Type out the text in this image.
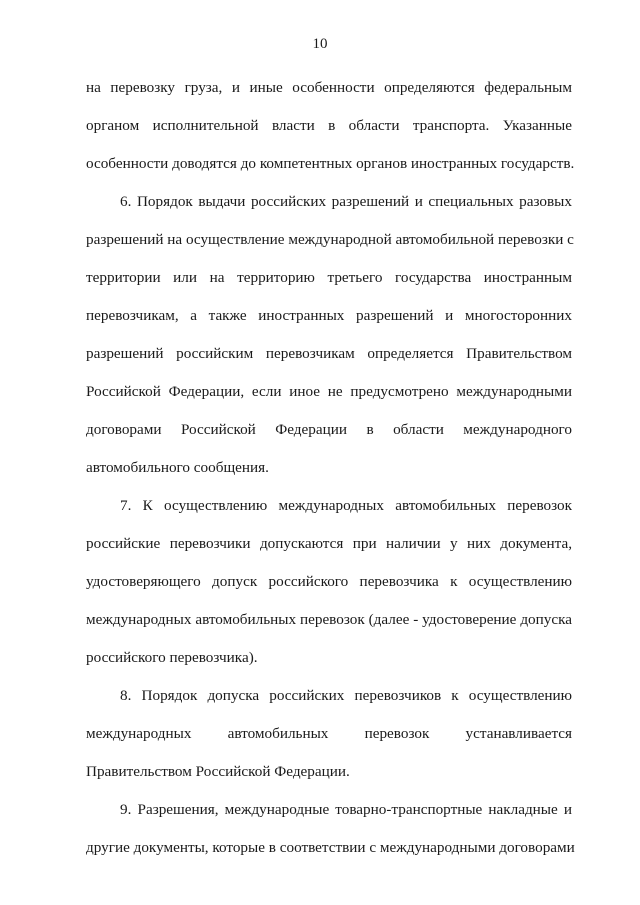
10
на перевозку груза, и иные особенности определяются федеральным
органом исполнительной власти в области транспорта. Указанные
особенности доводятся до компетентных органов иностранных государств.
6. Порядок выдачи российских разрешений и специальных разовых
разрешений на осуществление международной автомобильной перевозки с
территории или на территорию третьего государства иностранным
перевозчикам, а также иностранных разрешений и многосторонних
разрешений российским перевозчикам определяется Правительством
Российской Федерации, если иное не предусмотрено международными
договорами Российской Федерации в области международного
автомобильного сообщения.
7. К осуществлению международных автомобильных перевозок
российские перевозчики допускаются при наличии у них документа,
удостоверяющего допуск российского перевозчика к осуществлению
международных автомобильных перевозок (далее - удостоверение допуска
российского перевозчика).
8. Порядок допуска российских перевозчиков к осуществлению
международных автомобильных перевозок устанавливается
Правительством Российской Федерации.
9. Разрешения, международные товарно-транспортные накладные и
другие документы, которые в соответствии с международными договорами
